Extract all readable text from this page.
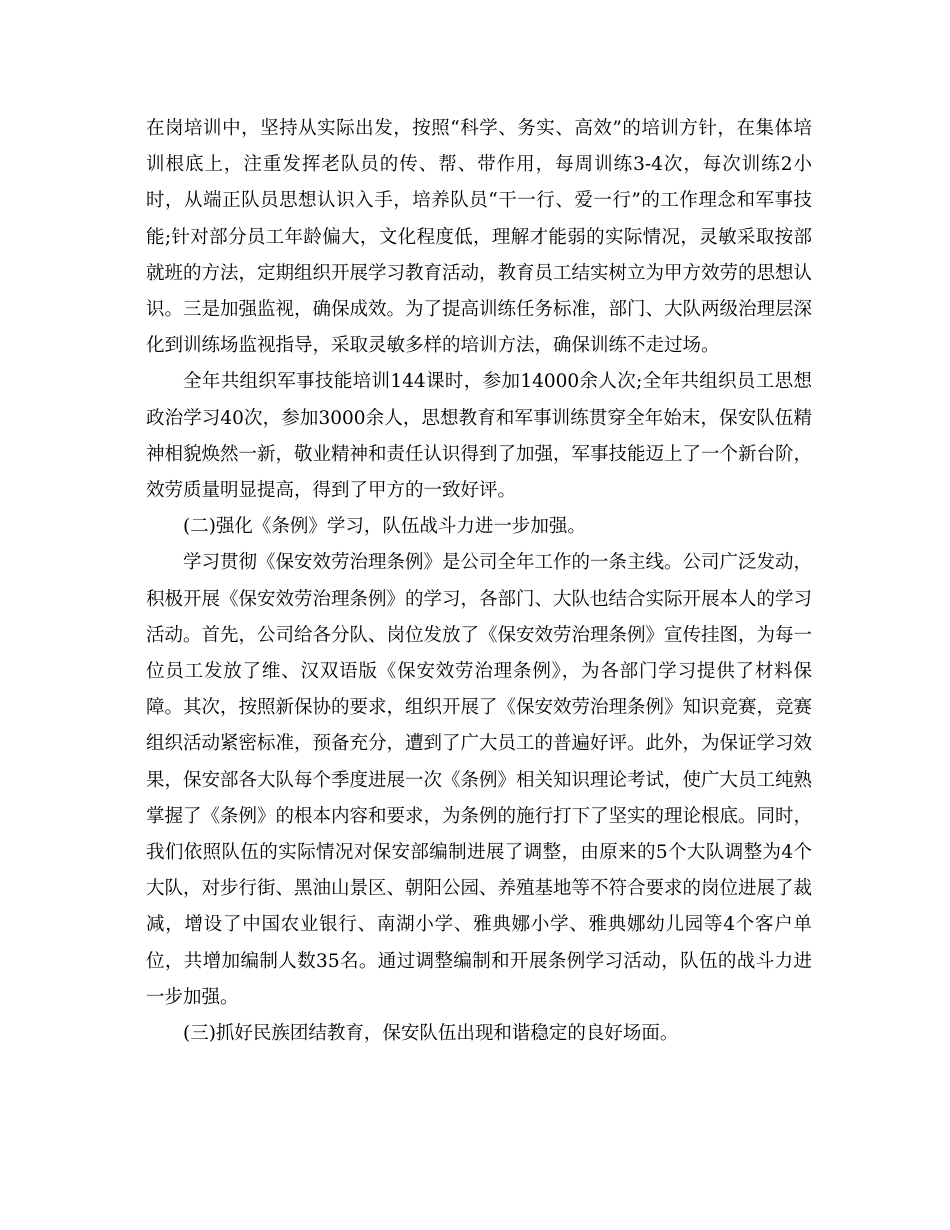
在岗培训中，坚持从实际出发，按照“科学、务实、高效”的培训方针，在集体培训根底上，注重发挥老队员的传、帮、带作用，每周训练3-4次，每次训练2小时，从端正队员思想认识入手，培养队员“干一行、爱一行”的工作理念和军事技能;针对部分员工年龄偏大，文化程度低，理解才能弱的实际情况，灵敏采取按部就班的方法，定期组织开展学习教育活动，教育员工结实树立为甲方效劳的思想认识。三是加强监视，确保成效。为了提高训练任务标准，部门、大队两级治理层深化到训练场监视指导，采取灵敏多样的培训方法，确保训练不走过场。

全年共组织军事技能培训144课时，参加14000余人次;全年共组织员工思想政治学习40次，参加3000余人，思想教育和军事训练贯穿全年始末，保安队伍精神相貌焕然一新，敬业精神和责任认识得到了加强，军事技能迈上了一个新台阶，效劳质量明显提高，得到了甲方的一致好评。

(二)强化《条例》学习，队伍战斗力进一步加强。

学习贯彻《保安效劳治理条例》是公司全年工作的一条主线。公司广泛发动，积极开展《保安效劳治理条例》的学习，各部门、大队也结合实际开展本人的学习活动。首先，公司给各分队、岗位发放了《保安效劳治理条例》宣传挂图，为每一位员工发放了维、汉双语版《保安效劳治理条例》，为各部门学习提供了材料保障。其次，按照新保协的要求，组织开展了《保安效劳治理条例》知识竞赛，竞赛组织活动紧密标准，预备充分，遭到了广大员工的普遍好评。此外，为保证学习效果，保安部各大队每个季度进展一次《条例》相关知识理论考试，使广大员工纯熟掌握了《条例》的根本内容和要求，为条例的施行打下了坚实的理论根底。同时，我们依照队伍的实际情况对保安部编制进展了调整，由原来的5个大队调整为4个大队，对步行街、黑油山景区、朝阳公园、养殖基地等不符合要求的岗位进展了裁减，增设了中国农业银行、南湖小学、雅典娜小学、雅典娜幼儿园等4个客户单位，共增加编制人数35名。通过调整编制和开展条例学习活动，队伍的战斗力进一步加强。

(三)抓好民族团结教育，保安队伍出现和谐稳定的良好场面。
